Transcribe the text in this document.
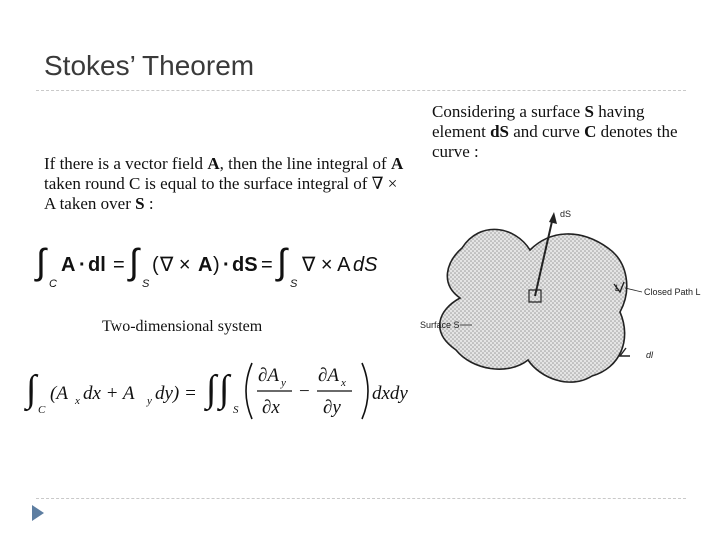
Stokes’ Theorem
If there is a vector field A, then the line integral of A taken round C is equal to the surface integral of ∇ × A taken over S :
Considering a surface S having element dS and curve C denotes the curve :
∫
C
A · dl = ∫
S
( ∇ × A ) · dS = ∫
S
∇ × A dS
Two-dimensional system
∫ C
(A x dx + A y dy) = ∫ ∫ S
∂A y
∂x
−
∂A x
∂y
dxdy
dS
L	Closed Path L
Surface S
dl
